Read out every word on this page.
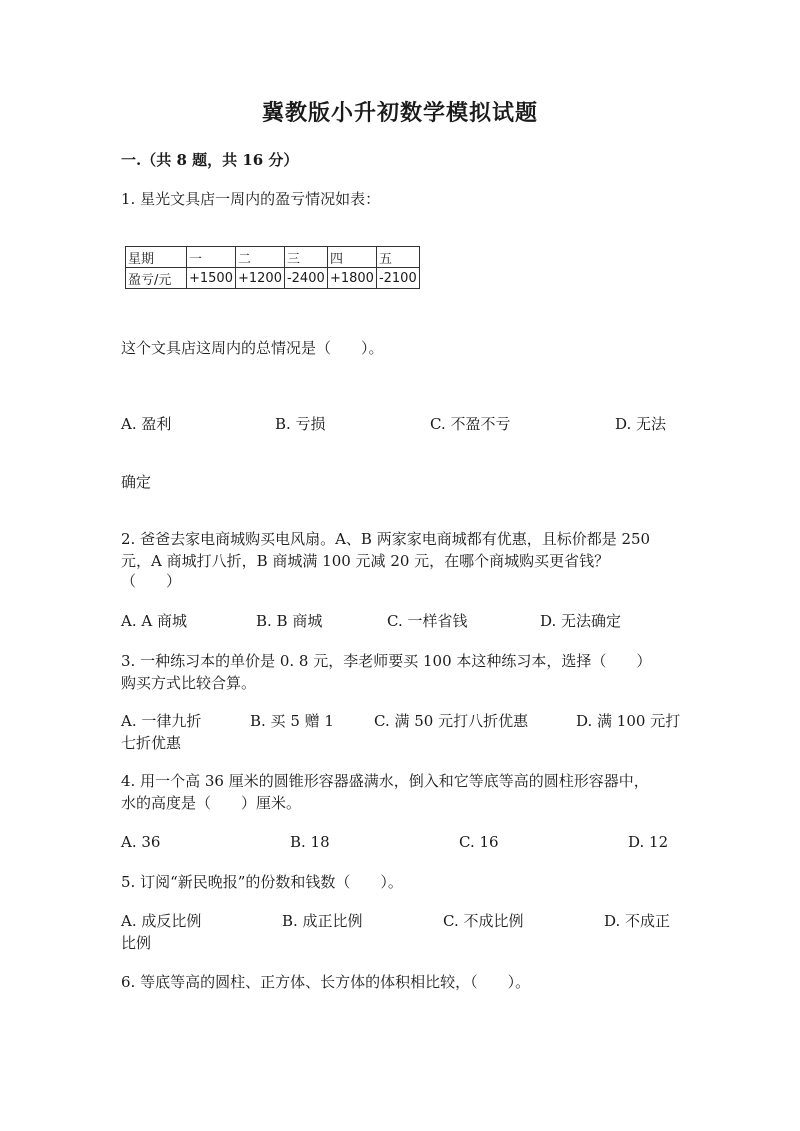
冀教版小升初数学模拟试题
一.（共 8 题，共 16 分）
1. 星光文具店一周内的盈亏情况如表：
星期	一	二	三	四	五
盈亏/元	+1500	+1200	-2400	+1800	-2100
这个文具店这周内的总情况是（　　）。
A. 盈利	B. 亏损	C. 不盈不亏	D. 无法
确定
2. 爸爸去家电商城购买电风扇。A、B 两家家电商城都有优惠，且标价都是 250
元，A 商城打八折，B 商城满 100 元减 20 元，在哪个商城购买更省钱？
（　　）
A. A 商城	B. B 商城	C. 一样省钱	D. 无法确定
3. 一种练习本的单价是 0. 8 元，李老师要买 100 本这种练习本，选择（　　）
购买方式比较合算。
A. 一律九折	B. 买 5 赠 1	C. 满 50 元打八折优惠	D. 满 100 元打
七折优惠
4. 用一个高 36 厘米的圆锥形容器盛满水，倒入和它等底等高的圆柱形容器中，
水的高度是（　　）厘米。
A. 36	B. 18	C. 16	D. 12
5. 订阅“新民晚报”的份数和钱数（　　）。
A. 成反比例	B. 成正比例	C. 不成比例	D. 不成正
比例
6. 等底等高的圆柱、正方体、长方体的体积相比较，（　　）。
